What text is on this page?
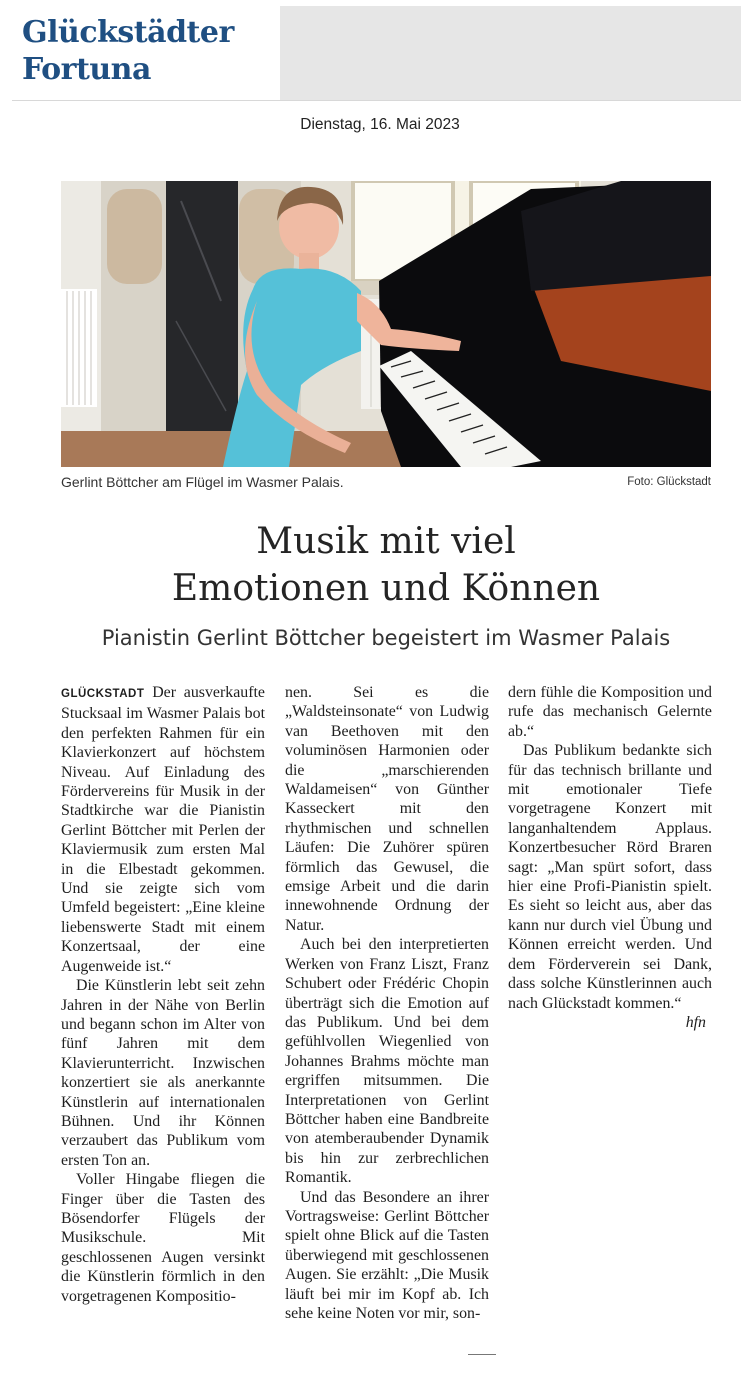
Glückstädter
Fortuna
Dienstag, 16. Mai 2023
Gerlint Böttcher am Flügel im Wasmer Palais.	Foto: Glückstadt
Musik mit viel
Emotionen und Können
Pianistin Gerlint Böttcher begeistert im Wasmer Palais

GLÜCKSTADT Der ausverkaufte Stucksaal im Wasmer Palais bot den perfekten Rahmen für ein Klavierkonzert auf höchstem Niveau. Auf Einladung des Fördervereins für Musik in der Stadtkirche war die Pianistin Gerlint Böttcher mit Perlen der Klaviermusik zum ersten Mal in die Elbestadt gekommen. Und sie zeigte sich vom Umfeld begeistert: „Eine kleine liebenswerte Stadt mit einem Konzertsaal, der eine Augenweide ist.“

Die Künstlerin lebt seit zehn Jahren in der Nähe von Berlin und begann schon im Alter von fünf Jahren mit dem Klavierunterricht. Inzwischen konzertiert sie als anerkannte Künstlerin auf internationalen Bühnen. Und ihr Können verzaubert das Publikum vom ersten Ton an.

Voller Hingabe fliegen die Finger über die Tasten des Bösendorfer Flügels der Musikschule. Mit geschlossenen Augen versinkt die Künstlerin förmlich in den vorgetragenen Kompositio-

nen. Sei es die „Waldsteinsonate“ von Ludwig van Beethoven mit den voluminösen Harmonien oder die „marschierenden Waldameisen“ von Günther Kasseckert mit den rhythmischen und schnellen Läufen: Die Zuhörer spüren förmlich das Gewusel, die emsige Arbeit und die darin innewohnende Ordnung der Natur.

Auch bei den interpretierten Werken von Franz Liszt, Franz Schubert oder Frédéric Chopin überträgt sich die Emotion auf das Publikum. Und bei dem gefühlvollen Wiegenlied von Johannes Brahms möchte man ergriffen mitsummen. Die Interpretationen von Gerlint Böttcher haben eine Bandbreite von atemberaubender Dynamik bis hin zur zerbrechlichen Romantik.

Und das Besondere an ihrer Vortragsweise: Gerlint Böttcher spielt ohne Blick auf die Tasten überwiegend mit geschlossenen Augen. Sie erzählt: „Die Musik läuft bei mir im Kopf ab. Ich sehe keine Noten vor mir, son-

dern fühle die Komposition und rufe das mechanisch Gelernte ab.“

Das Publikum bedankte sich für das technisch brillante und mit emotionaler Tiefe vorgetragene Konzert mit langanhaltendem Applaus. Konzertbesucher Rörd Braren sagt: „Man spürt sofort, dass hier eine Profi-Pianistin spielt. Es sieht so leicht aus, aber das kann nur durch viel Übung und Können erreicht werden. Und dem Förderverein sei Dank, dass solche Künstlerinnen auch nach Glückstadt kommen.“
hfn
